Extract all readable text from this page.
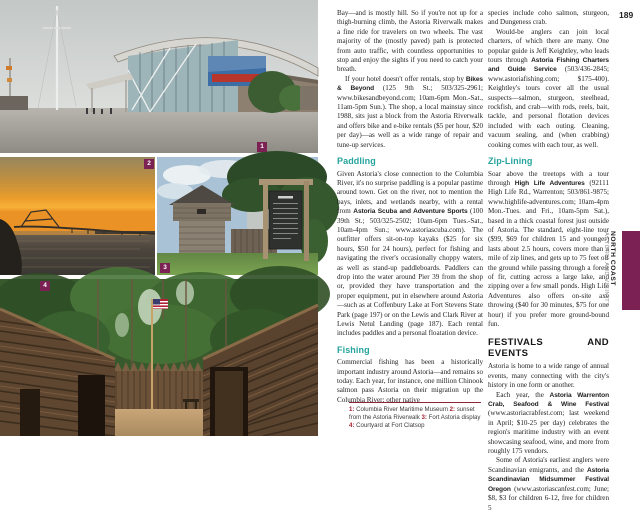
1
2
3
4

Bay—and is mostly hill. So if you're not up for a thigh-burning climb, the Astoria Riverwalk makes a fine ride for travelers on two wheels. The vast majority of the (mostly paved) path is protected from auto traffic, with countless opportunities to stop and enjoy the sights if you need to catch your breath.

If your hotel doesn't offer rentals, stop by Bikes & Beyond (125 9th St.; 503/325-2961; www.bikesandbeyond.com; 10am-6pm Mon.-Sat., 11am-5pm Sun.). The shop, a local mainstay since 1988, sits just a block from the Astoria Riverwalk and offers bike and e-bike rentals ($5 per hour, $20 per day)—as well as a wide range of repair and tune-up services.

Paddling

Given Astoria's close connection to the Columbia River, it's no surprise paddling is a popular pastime around town. Get on the river, not to mention the bays, inlets, and wetlands nearby, with a rental from Astoria Scuba and Adventure Sports (100 39th St.; 503/325-2502; 10am-6pm Tues.-Sat., 10am-4pm Sun.; www.astoriascuba.com). The outfitter offers sit-on-top kayaks ($25 for six hours, $50 for 24 hours), perfect for fishing and navigating the river's occasionally choppy waters, as well as stand-up paddleboards. Paddlers can drop into the water around Pier 39 from the shop or, provided they have transportation and the proper equipment, put in elsewhere around Astoria—such as at Coffenbury Lake at Fort Stevens State Park (page 197) or on the Lewis and Clark River at Lewis Netul Landing (page 187). Each rental includes paddles and a personal floatation device.

Fishing

Commercial fishing has been a historically important industry around Astoria—and remains so today. Each year, for instance, one million Chinook salmon pass Astoria on their migration up the Columbia River; other native

1: Columbia River Maritime Museum 2: sunset from the Astoria Riverwalk 3: Fort Astoria display 4: Courtyard at Fort Clatsop

species include coho salmon, sturgeon, and Dungeness crab.

Would-be anglers can join local charters, of which there are many. One popular guide is Jeff Keightley, who leads tours through Astoria Fishing Charters and Guide Service (503/436-2845; www.astoriafishing.com; $175-400). Keightley's tours cover all the usual suspects—salmon, sturgeon, steelhead, rockfish, and crab—with rods, reels, bait, tackle, and personal flotation devices included with each outing. Cleaning, vacuum sealing, and (when crabbing) cooking comes with each tour, as well.

Zip-Lining

Soar above the treetops with a tour through High Life Adventures (92111 High Life Rd., Warrenton; 503/861-9875; www.highlife-adventures.com; 10am-4pm Mon.-Tues. and Fri., 10am-5pm Sat.), based in a thick coastal forest just outside of Astoria. The standard, eight-line tour ($99, $69 for children 15 and younger) lasts about 2.5 hours, covers more than a mile of zip lines, and gets up to 75 feet off the ground while passing through a forest of fir, cutting across a large lake, and zipping over a few small ponds. High Life Adventures also offers on-site axe throwing ($40 for 30 minutes, $75 for one hour) if you prefer more ground-bound fun.

FESTIVALS AND EVENTS

Astoria is home to a wide range of annual events, many connecting with the city's history in one form or another.

Each year, the Astoria Warrenton Crab, Seafood & Wine Festival (www.astoriacrabfest.com; last weekend in April; $10-25 per day) celebrates the region's maritime industry with an event showcasing seafood, wine, and more from roughly 175 vendors.

Some of Astoria's earliest anglers were Scandinavian emigrants, and the Astoria Scandinavian Midsummer Festival Oregon (www.astoriascanfest.com; June; $8, $3 for children 6-12, free for children 5

189
NORTH COAST
ASTORIA AND VICINITY
